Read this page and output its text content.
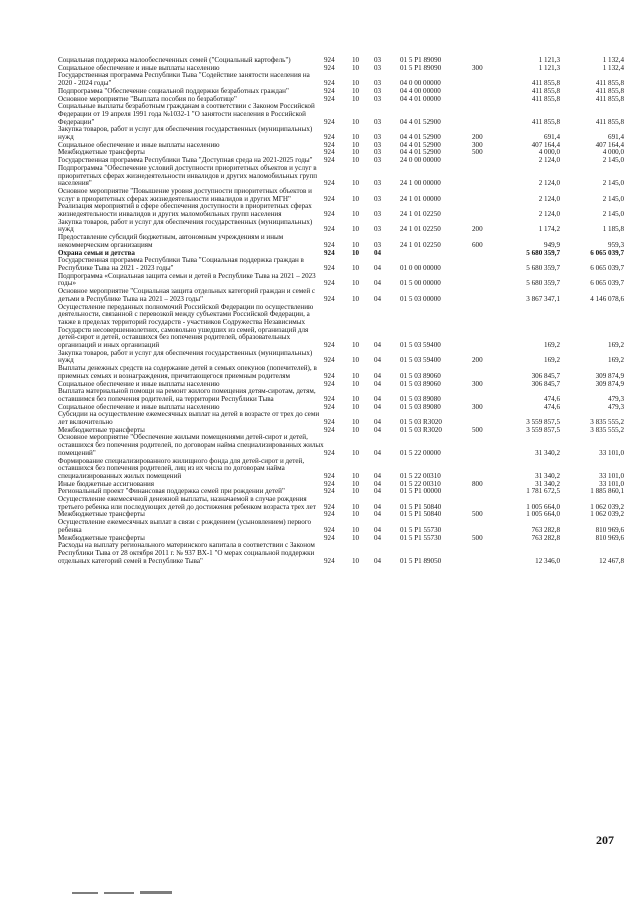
Социальная поддержка малообеспеченных семей ("Социальный картофель")	924	10	03	01 5 P1 89090	1 121,3	1 132,4
Социальное обеспечение и иные выплаты населению	924	10	03	01 5 P1 89090	300	1 121,3	1 132,4
Государственная программа Республики Тыва "Содействие занятости населения на 2020 - 2024 годы"	924	10	03	04 0 00 00000	411 855,8	411 855,8
Подпрограмма "Обеспечение социальной поддержки безработных граждан"	924	10	03	04 4 00 00000	411 855,8	411 855,8
Основное мероприятие "Выплата пособия по безработице"	924	10	03	04 4 01 00000	411 855,8	411 855,8
Социальные выплаты безработным гражданам в соответствии с Законом Российской Федерации от 19 апреля 1991 года №1032-1 "О занятости населения в Российской Федерации"	924	10	03	04 4 01 52900	411 855,8	411 855,8
Закупка товаров, работ и услуг для обеспечения государственных (муниципальных) нужд	924	10	03	04 4 01 52900	200	691,4	691,4
Социальное обеспечение и иные выплаты населению	924	10	03	04 4 01 52900	300	407 164,4	407 164,4
Межбюджетные трансферты	924	10	03	04 4 01 52900	500	4 000,0	4 000,0
Государственная программа Республики Тыва "Доступная среда на 2021-2025 годы"	924	10	03	24 0 00 00000	2 124,0	2 145,0
Подпрограмма "Обеспечение условий доступности приоритетных объектов и услуг в приоритетных сферах жизнедеятельности инвалидов и других маломобильных групп населения"	924	10	03	24 1 00 00000	2 124,0	2 145,0
Основное мероприятие "Повышение уровня доступности приоритетных объектов и услуг в приоритетных сферах жизнедеятельности инвалидов и других МГН"	924	10	03	24 1 01 00000	2 124,0	2 145,0
Реализация мероприятий в сфере обеспечения доступности в приоритетных сферах жизнедеятельности инвалидов и других маломобильных групп населения	924	10	03	24 1 01 02250	2 124,0	2 145,0
Закупка товаров, работ и услуг для обеспечения государственных (муниципальных) нужд	924	10	03	24 1 01 02250	200	1 174,2	1 185,8
Предоставление субсидий бюджетным, автономным учреждениям и иным некоммерческим организациям	924	10	03	24 1 01 02250	600	949,9	959,3
Охрана семьи и детства	924	10	04	5 680 359,7	6 065 039,7
Государственная программа Республики Тыва "Социальная поддержка граждан в Республике Тыва на 2021 - 2023 годы"	924	10	04	01 0 00 00000	5 680 359,7	6 065 039,7
Подпрограмма «Социальная защита семьи и детей в Республике Тыва на 2021 – 2023 годы»	924	10	04	01 5 00 00000	5 680 359,7	6 065 039,7
Основное мероприятие "Социальная защита отдельных категорий граждан и семей с детьми в Республике Тыва на 2021 – 2023 годы"	924	10	04	01 5 03 00000	3 867 347,1	4 146 078,6
Осуществление переданных полномочий Российской Федерации по осуществлению деятельности, связанной с перевозкой между субъектами Российской Федерации, а также в пределах территорий государств - участников Содружества Независимых Государств несовершеннолетних, самовольно ушедших из семей, организаций для детей-сирот и детей, оставшихся без попечения родителей, образовательных организаций и иных организаций	924	10	04	01 5 03 59400	169,2	169,2
Закупка товаров, работ и услуг для обеспечения государственных (муниципальных) нужд	924	10	04	01 5 03 59400	200	169,2	169,2
Выплаты денежных средств на содержание детей в семьях опекунов (попечителей), в приемных семьях и вознаграждения, причитающегося приемным родителям	924	10	04	01 5 03 89060	306 845,7	309 874,9
Социальное обеспечение и иные выплаты населению	924	10	04	01 5 03 89060	300	306 845,7	309 874,9
Выплата материальной помощи на ремонт жилого помещения детям-сиротам, детям, оставшимся без попечения родителей, на территории Республики Тыва	924	10	04	01 5 03 89080	474,6	479,3
Социальное обеспечение и иные выплаты населению	924	10	04	01 5 03 89080	300	474,6	479,3
Субсидии на осуществление ежемесячных выплат на детей в возрасте от трех до семи лет включительно	924	10	04	01 5 03 R3020	3 559 857,5	3 835 555,2
Межбюджетные трансферты	924	10	04	01 5 03 R3020	500	3 559 857,5	3 835 555,2
Основное мероприятие "Обеспечение жилыми помещениями детей-сирот и детей, оставшихся без попечения родителей, по договорам найма специализированных жилых помещений"	924	10	04	01 5 22 00000	31 340,2	33 101,0
Формирование специализированного жилищного фонда для детей-сирот и детей, оставшихся без попечения родителей, лиц из их числа по договорам найма специализированных жилых помещений	924	10	04	01 5 22 00310	31 340,2	33 101,0
Иные бюджетные ассигнования	924	10	04	01 5 22 00310	800	31 340,2	33 101,0
Региональный проект "Финансовая поддержка семей при рождении детей"	924	10	04	01 5 P1 00000	1 781 672,5	1 885 860,1
Осуществление ежемесячной денежной выплаты, назначаемой в случае рождения третьего ребенка или последующих детей до достижения ребенком возраста трех лет	924	10	04	01 5 P1 50840	1 005 664,0	1 062 039,2
Межбюджетные трансферты	924	10	04	01 5 P1 50840	500	1 005 664,0	1 062 039,2
Осуществление ежемесячных выплат в связи с рождением (усыновлением) первого ребенка	924	10	04	01 5 P1 55730	763 282,8	810 969,6
Межбюджетные трансферты	924	10	04	01 5 P1 55730	500	763 282,8	810 969,6
Расходы на выплату регионального материнского капитала в соответствии с Законом Республики Тыва от 28 октября 2011 г. № 937 ВХ-1 "О мерах социальной поддержки отдельных категорий семей в Республике Тыва"	924	10	04	01 5 P1 89050	12 346,0	12 467,8
207
